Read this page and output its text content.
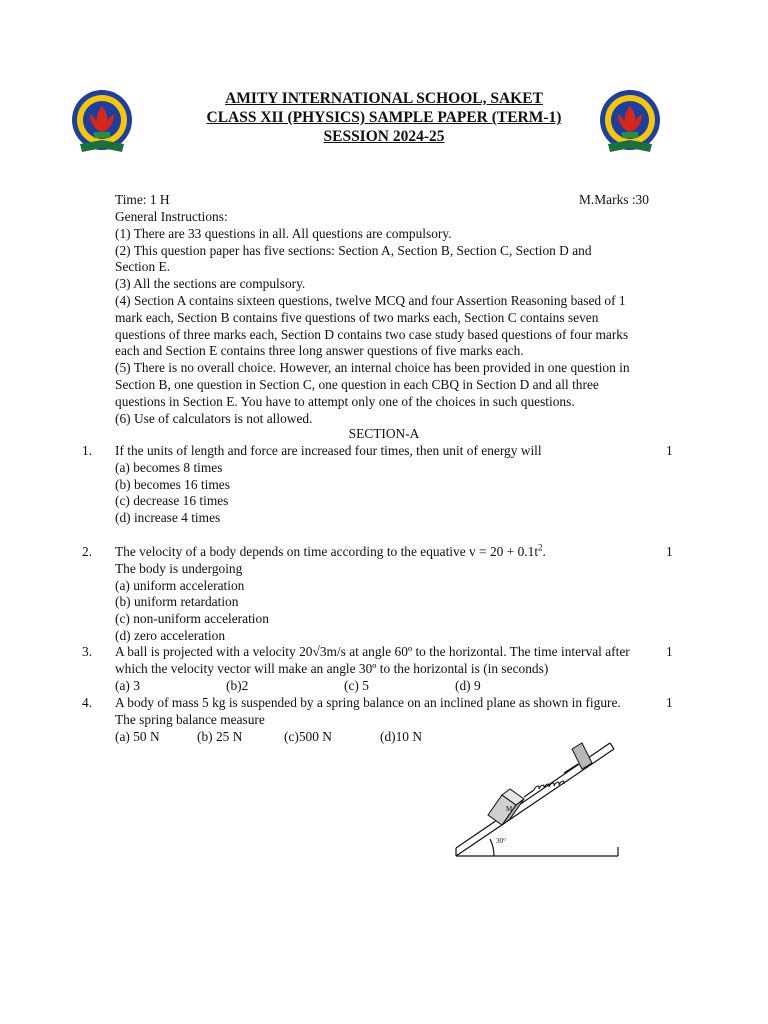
AMITY INTERNATIONAL SCHOOL, SAKET
CLASS XII (PHYSICS) SAMPLE PAPER (TERM-1)
SESSION 2024-25
Time: 1 H	M.Marks :30
General Instructions:
(1) There are 33 questions in all. All questions are compulsory.
(2) This question paper has five sections: Section A, Section B, Section C, Section D and Section E.
(3) All the sections are compulsory.
(4) Section A contains sixteen questions, twelve MCQ and four Assertion Reasoning based of 1 mark each, Section B contains five questions of two marks each, Section C contains seven questions of three marks each, Section D contains two case study based questions of four marks each and Section E contains three long answer questions of five marks each.
(5) There is no overall choice. However, an internal choice has been provided in one question in Section B, one question in Section C, one question in each CBQ in Section D and all three questions in Section E. You have to attempt only one of the choices in such questions.
(6) Use of calculators is not allowed.
SECTION-A
1.	1
If the units of length and force are increased four times, then unit of energy will
(a) becomes 8 times
(b) becomes 16 times
(c) decrease 16 times
(d) increase 4 times
2.	1
The velocity of a body depends on time according to the equative $v = 20 + 0.1t^2$.
The body is undergoing
(a) uniform acceleration
(b) uniform retardation
(c) non-uniform acceleration
(d) zero acceleration
3.	1
A ball is projected with a velocity 20√3m/s at angle 60º to the horizontal. The time interval after
which the velocity vector will make an angle 30º to the horizontal is (in seconds)
(a) 3	(b)2	(c) 5	(d) 9
4.	1
A body of mass 5 kg is suspended by a spring balance on an inclined plane as shown in figure.
The spring balance measure
(a) 50 N	(b) 25 N	(c)500 N	(d)10 N
M
30°
